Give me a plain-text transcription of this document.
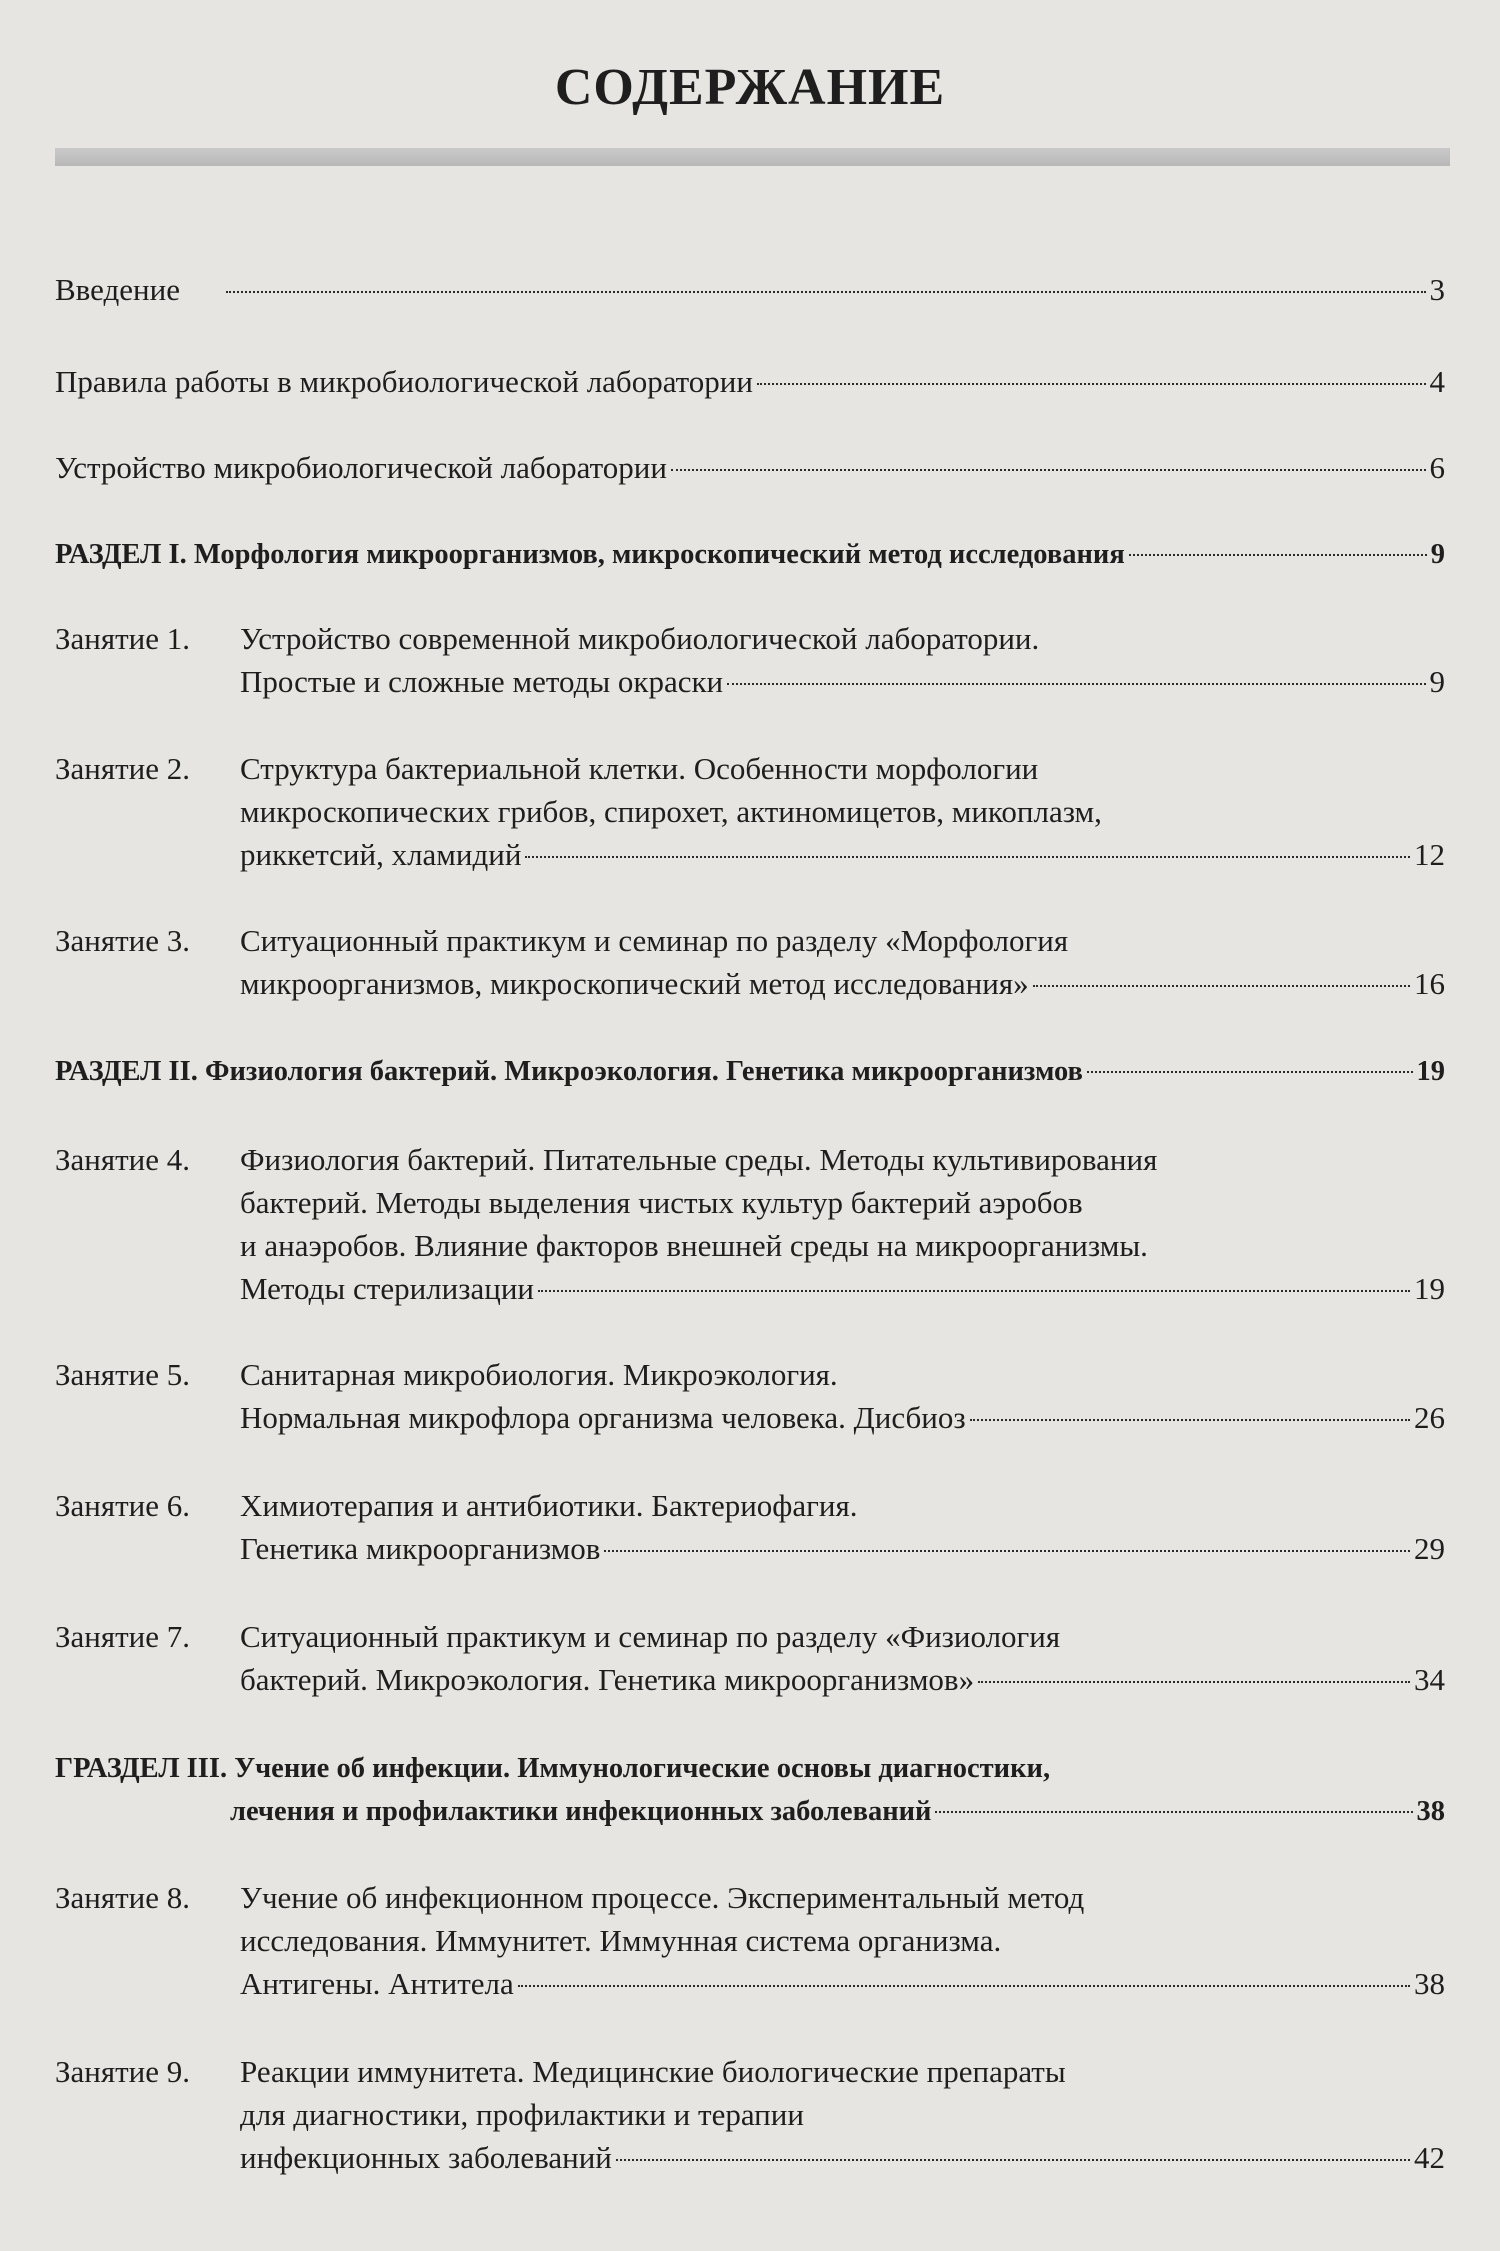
СОДЕРЖАНИЕ
Введение	3
Правила работы в микробиологической лаборатории	4
Устройство микробиологической лаборатории	6
РАЗДЕЛ I. Морфология микроорганизмов, микроскопический метод исследования	9
Занятие 1. Устройство современной микробиологической лаборатории.
Простые и сложные методы окраски	9
Занятие 2. Структура бактериальной клетки. Особенности морфологии
микроскопических грибов, спирохет, актиномицетов, микоплазм,
риккетсий, хламидий	12
Занятие 3. Ситуационный практикум и семинар по разделу «Морфология
микроорганизмов, микроскопический метод исследования»	16
РАЗДЕЛ II. Физиология бактерий. Микроэкология. Генетика микроорганизмов	19
Занятие 4. Физиология бактерий. Питательные среды. Методы культивирования
бактерий. Методы выделения чистых культур бактерий аэробов
и анаэробов. Влияние факторов внешней среды на микроорганизмы.
Методы стерилизации	19
Занятие 5. Санитарная микробиология. Микроэкология.
Нормальная микрофлора организма человека. Дисбиоз	26
Занятие 6. Химиотерапия и антибиотики. Бактериофагия.
Генетика микроорганизмов	29
Занятие 7. Ситуационный практикум и семинар по разделу «Физиология
бактерий. Микроэкология. Генетика микроорганизмов»	34
ГРАЗДЕЛ III. Учение об инфекции. Иммунологические основы диагностики,
лечения и профилактики инфекционных заболеваний	38
Занятие 8. Учение об инфекционном процессе. Экспериментальный метод
исследования. Иммунитет. Иммунная система организма.
Антигены. Антитела	38
Занятие 9. Реакции иммунитета. Медицинские биологические препараты
для диагностики, профилактики и терапии
инфекционных заболеваний	42
